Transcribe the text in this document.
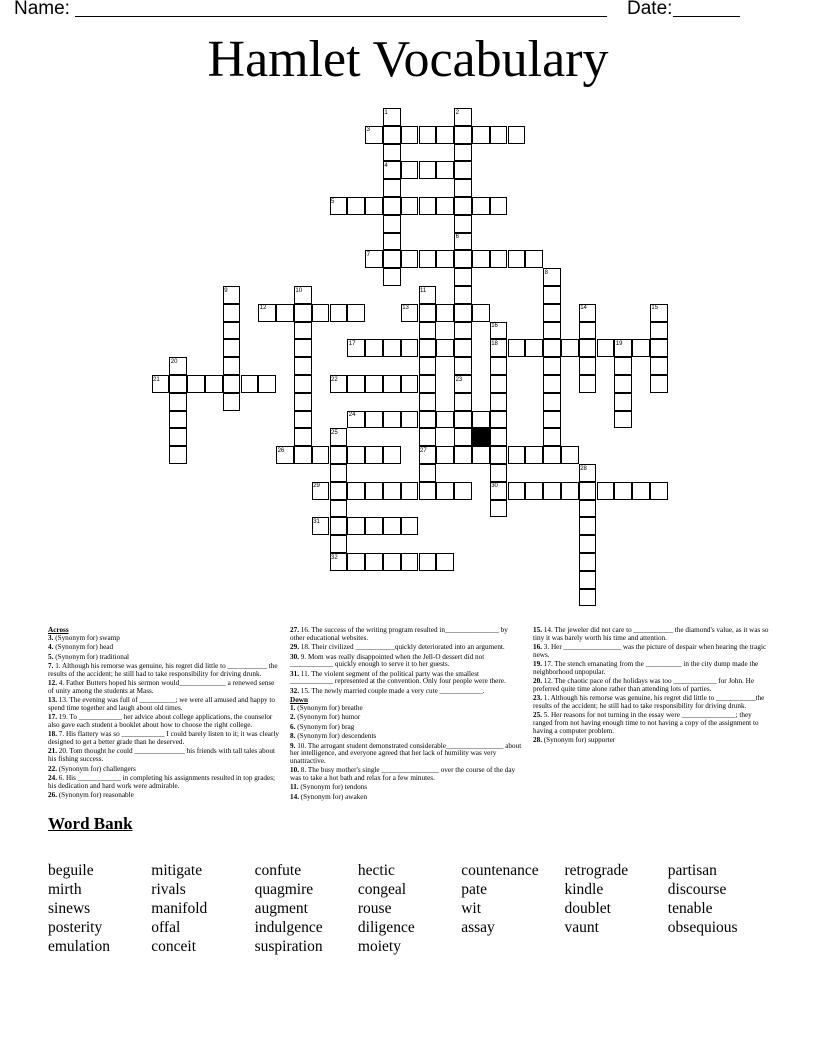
Name:	Date:
Hamlet Vocabulary
1	2
3
4
5
6
7
8
9	10	11
12	13	14	15
16
17	18	19
20
21	22	23
24
25
26	27
28
29	30
31
32

Across

3. (Synonym for) swamp

4. (Synonym for) head

5. (Synonym for) traditional

7. 1. Although his remorse was genuine, his regret did little to ___________ the results of the accident; he still had to take responsibility for driving drunk.

12. 4. Father Butters hoped his sermon would_____________ a renewed sense of unity among the students at Mass.

13. 13. The evening was full of __________; we were all amused and happy to spend time together and laugh about old times.

17. 19. To ____________ her advice about college applications, the counselor also gave each student a booklet about how to choose the right college.

18. 7. His flattery was so ____________ I could barely listen to it; it was clearly designed to get a better grade than he deserved.

21. 20. Tom thought he could ______________ his friends with tall tales about his fishing success.

22. (Synonym for) challengers

24. 6. His ____________ in completing his assignments resulted in top grades; his dedication and hard work were admirable.

26. (Synonym for) reasonable

27. 16. The success of the writing program resulted in_______________ by other educational websites.

29. 18. Their civilized ___________quickly deteriorated into an argument.

30. 9. Mom was really disappointed when the Jell-O dessert did not ____________ quickly enough to serve it to her guests.

31. 11. The violent segment of the political party was the smallest ____________ represented at the convention. Only four people were there.

32. 15. The newly married couple made a very cute ____________.

Down

1. (Synonym for) breathe

2. (Synonym for) humor

6. (Synonym for) brag

8. (Synonym for) descendents

9. 10. The arrogant student demonstrated considerable________________ about her intelligence, and everyone agreed that her lack of humility was very unattractive.

10. 8. The busy mother's single ________________ over the course of the day was to take a hot bath and relax for a few minutes.

11. (Synonym for) tendons

14. (Synonym for) awaken

15. 14. The jeweler did not care to ___________ the diamond's value, as it was so tiny it was barely worth his time and attention.

16. 3. Her ________________ was the picture of despair when hearing the tragic news.

19. 17. The stench emanating from the __________ in the city dump made the neighborhood unpopular.

20. 12. The chaotic pace of the holidays was too ____________ for John. He preferred quite time alone rather than attending lots of parties.

23. 1. Although his remorse was genuine, his regret did little to ___________the results of the accident; he still had to take responsibility for driving drunk.

25. 5. Her reasons for not turning in the essay were _______________; they ranged from not having enough time to not having a copy of the assignment to having a computer problem.

28. (Synonym for) supporter

Word Bank
beguile	mitigate	confute	hectic	countenance retrograde	partisan
mirth	rivals	quagmire	congeal	pate	kindle	discourse
sinews	manifold	augment	rouse	wit	doublet	tenable
posterity	offal	indulgence diligence	assay	vaunt	obsequious
emulation	conceit	suspiration moiety
